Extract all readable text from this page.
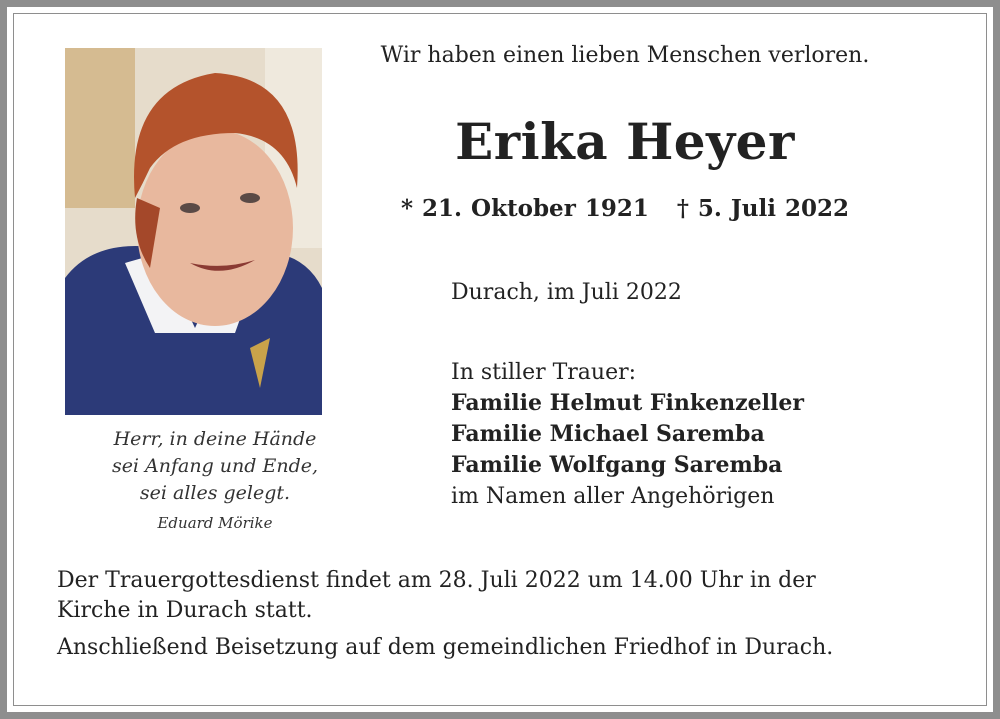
Herr, in deine Hände
sei Anfang und Ende,
sei alles gelegt.
Eduard Mörike
Wir haben einen lieben Menschen verloren.
Erika Heyer
* 21. Oktober 1921 † 5. Juli 2022
Durach, im Juli 2022
In stiller Trauer:
Familie Helmut Finkenzeller
Familie Michael Saremba
Familie Wolfgang Saremba
im Namen aller Angehörigen
Der Trauergottesdienst findet am 28. Juli 2022 um 14.00 Uhr in der
Kirche in Durach statt.
Anschließend Beisetzung auf dem gemeindlichen Friedhof in Durach.
